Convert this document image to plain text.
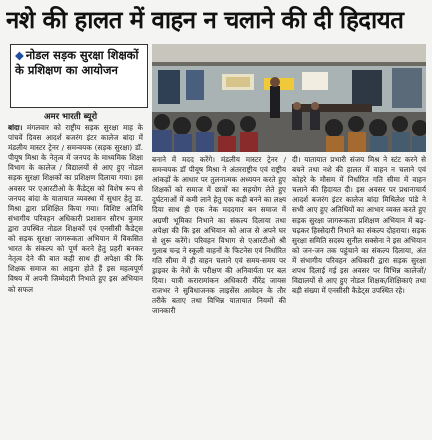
नशे की हालत में वाहन न चलाने की दी हिदायत
◆ नोडल सड़क सुरक्षा शिक्षकों के प्रशिक्षण का आयोजन
अमर भारती ब्यूरो
बांदा। मंगलवार को राष्ट्रीय सड़क सुरक्षा माह के पांचवें दिवस आदर्श बजरंग इंटर कालेज बांदा में मंडलीय मास्टर ट्रेनर / समन्वयक (सड़क सुरक्षा) डॉ. पीयूष मिश्रा के नेतृत्व में जनपद के माध्यमिक शिक्षा विभाग के कालेज / विद्यालयों से आए हुए नोडल सड़क सुरक्षा शिक्षकों का प्रशिक्षण दिलाया गया। इस अवसर पर एआरटीओ के कैंडेट्स को विशेष रूप से जनपद बांदा के यातायात व्यवस्था में सुधार हेतु डा. मिश्रा द्वारा प्रशिक्षित किया गया। विशिष्ट अतिथि संभागीय परिवहन अधिकारी प्रशासन सौरभ कुमार द्वारा उपस्थित नोडल शिक्षकों एवं एनसीसी कैडेट्स को सड़क सुरक्षा जागरूकता अभियान में विकसित भारत के संकल्प को पूर्ण करने हेतु प्रहरी बनकर नेतृत्व देने की बात कही साथ ही अपेक्षा की कि शिक्षक समाज का आइना होते हैं इस महत्वपूर्ण विषय में अपनी जिम्मेदारी निभाते हुए इस अभियान को सफल
बनाने में मदद करेंगे। मंडलीय मास्टर ट्रेनर / समन्वयक डॉ पीयूष मिश्रा ने अंतरराष्ट्रीय एवं राष्ट्रीय आंकड़ों के आधार पर तुलनात्मक अध्ययन करते हुए शिक्षकों को समाज में छात्रों का सहयोग लेते हुए दुर्घटनाओं में कमी लाने हेतु एक कड़ी बनने का लक्ष्य दिया साथ ही एक नेक मददगार बन समाज में अग्रणी भूमिका निभाने का संकल्प दिलाया तथा अपेक्षा की कि इस अभियान को आज से अपने घर से शुरू करेंगे। परिवहन विभाग से एआरटीओ श्री गुलाब चन्द्र ने स्कूली वाहनों के फिटनेस एवं निर्धारित गति सीमा में ही वाहन चलाने एवं समय-समय पर ड्राइवर के नेत्रों के परीक्षण की अनिवार्यता पर बल दिया। यात्री करारामांकन अधिकारी वीरेंद्र जायस राजभर ने सुविधाजनक लाइसेंस आवेदन के तौर तरीके बताए तथा विभिन्न यातायात नियमों की जानकारी
दी। यातायात प्रभारी संजय मिश्र ने स्टंट करने से बचने तथा नशे की हालत में वाहन न चलाने एवं कोहरे के मौसम में निर्धारित गति सीमा में वाहन चलाने की हिदायत दी। इस अवसर पर प्रधानाचार्य आदर्श बजरंग इंटर कालेज बांदा मिथिलेश पांडे ने सभी आए हुए अतिथियों का आभार व्यक्त करते हुए सड़क सुरक्षा जागरूकता प्रशिक्षण अभियान में बढ़-चढ़कर हिस्सेदारी निभाने का संकल्प दोहराया। सड़क सुरक्षा समिति सदस्य सुनील सक्सेना ने इस अभियान को जन-जन तक पहुंचाने का संकल्प दिलाया, अंत में संभागीय परिवहन अधिकारी द्वारा सड़क सुरक्षा शपथ दिलाई गई इस अवसर पर विभिन्न कालेजों/विद्यालयों से आए हुए नोडल शिक्षक/शिक्षिकाएं तथा बड़ी संख्या में एनसीसी कैडेट्स उपस्थित रहे।
